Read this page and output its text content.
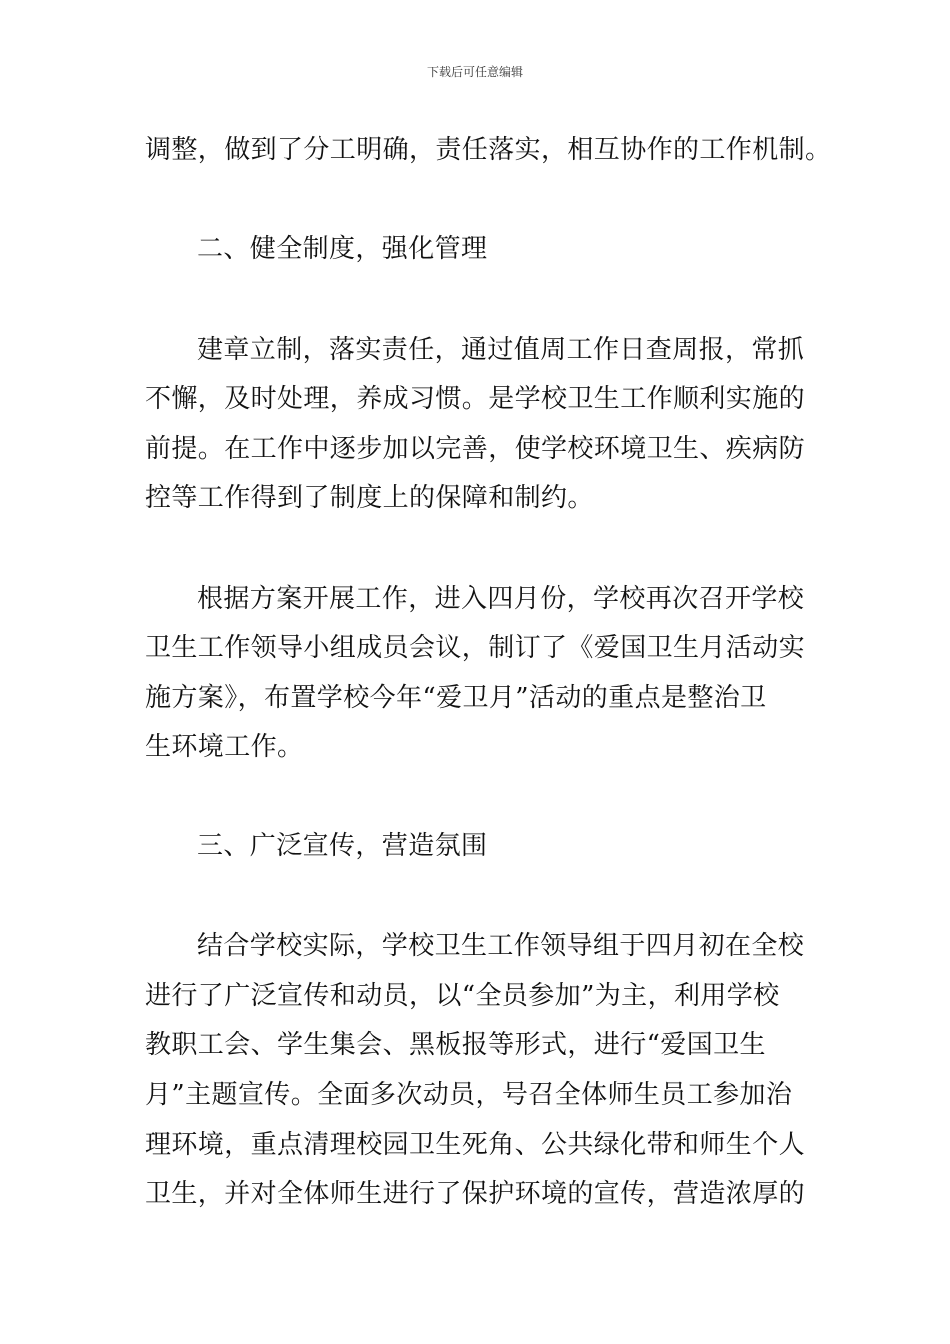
下载后可任意编辑
调整，做到了分工明确，责任落实，相互协作的工作机制。
二、健全制度，强化管理
建章立制，落实责任，通过值周工作日查周报，常抓
不懈，及时处理，养成习惯。是学校卫生工作顺利实施的
前提。在工作中逐步加以完善，使学校环境卫生、疾病防
控等工作得到了制度上的保障和制约。
根据方案开展工作，进入四月份，学校再次召开学校
卫生工作领导小组成员会议，制订了《爱国卫生月活动实
施方案》，布置学校今年“爱卫月”活动的重点是整治卫
生环境工作。
三、广泛宣传，营造氛围
结合学校实际，学校卫生工作领导组于四月初在全校
进行了广泛宣传和动员，以“全员参加”为主，利用学校
教职工会、学生集会、黑板报等形式，进行“爱国卫生
月”主题宣传。全面多次动员，号召全体师生员工参加治
理环境，重点清理校园卫生死角、公共绿化带和师生个人
卫生，并对全体师生进行了保护环境的宣传，营造浓厚的
